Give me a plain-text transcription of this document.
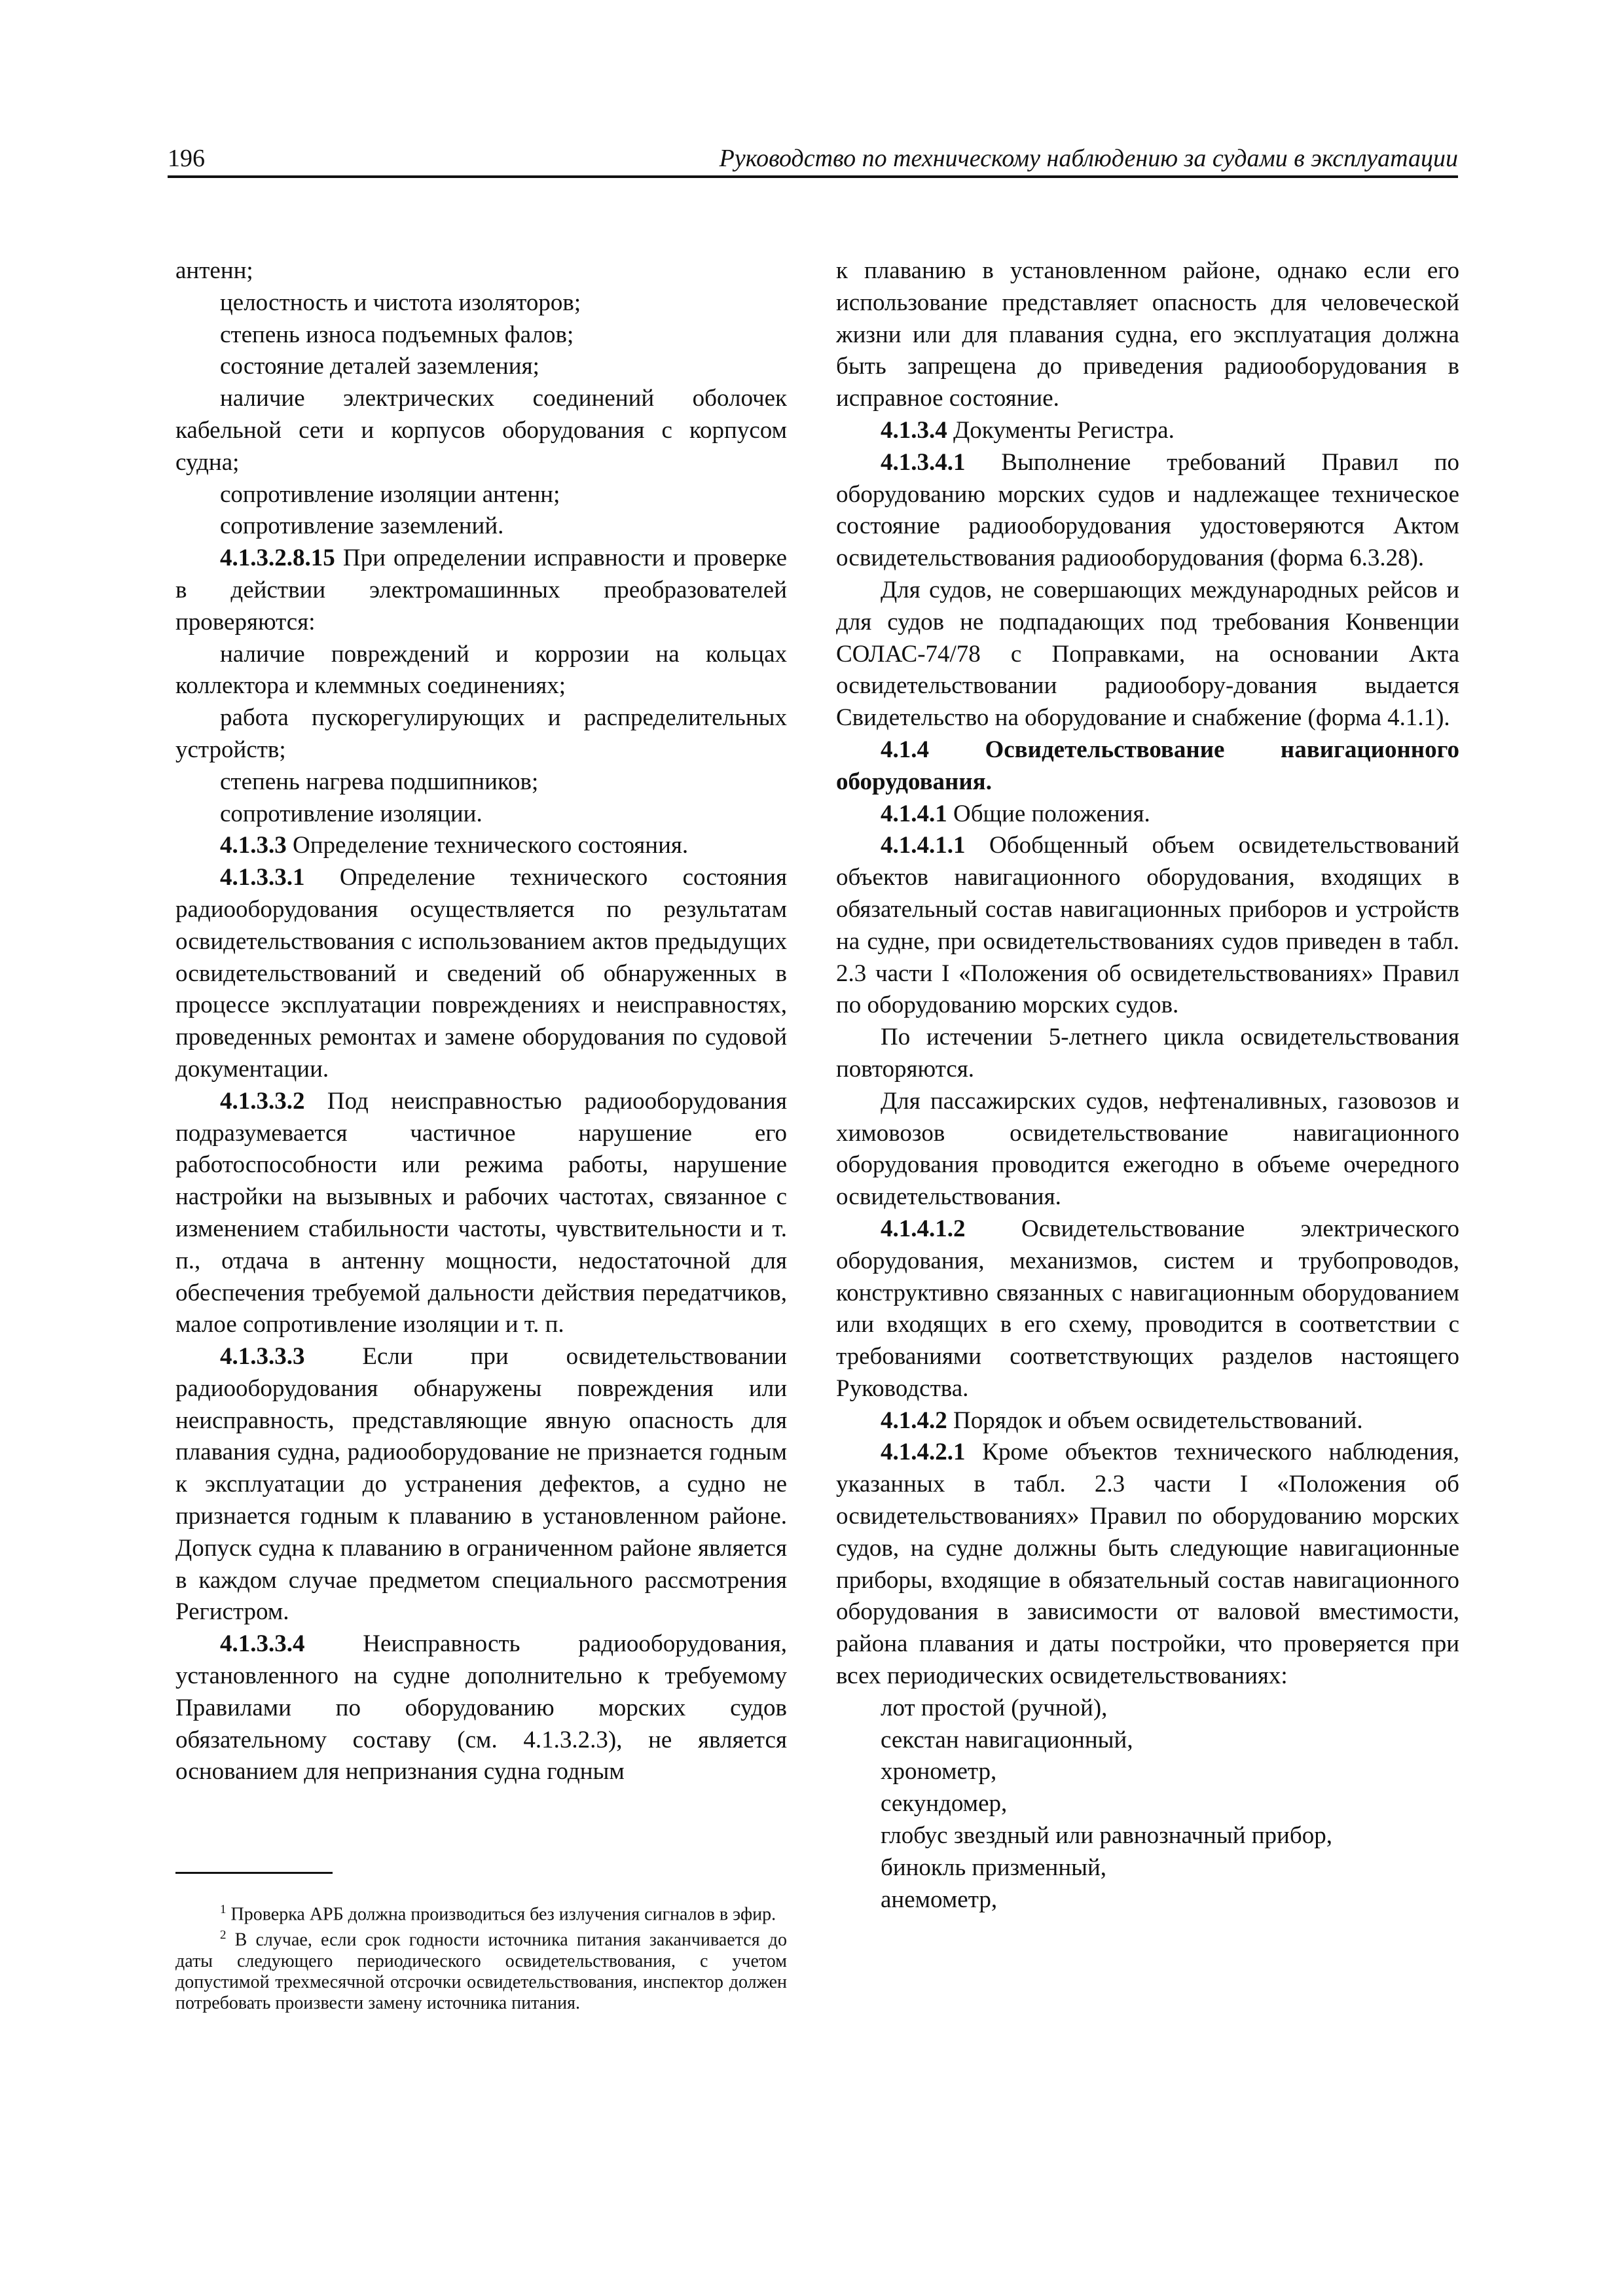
196	Руководство по техническому наблюдению за судами в эксплуатации

антенн;

целостность и чистота изоляторов;

степень износа подъемных фалов;

состояние деталей заземления;

наличие электрических соединений оболочек кабельной сети и корпусов оборудования с корпусом судна;

сопротивление изоляции антенн;

сопротивление заземлений.

4.1.3.2.8.15 При определении исправности и проверке в действии электромашинных преобразователей проверяются:

наличие повреждений и коррозии на кольцах коллектора и клеммных соединениях;

работа пускорегулирующих и распределительных устройств;

степень нагрева подшипников;

сопротивление изоляции.

4.1.3.3 Определение технического состояния.

4.1.3.3.1 Определение технического состояния радиооборудования осуществляется по результатам освидетельствования с использованием актов предыдущих освидетельствований и сведений об обнаруженных в процессе эксплуатации повреждениях и неисправностях, проведенных ремонтах и замене оборудования по судовой документации.

4.1.3.3.2 Под неисправностью радиооборудования подразумевается частичное нарушение его работоспособности или режима работы, нарушение настройки на вызывных и рабочих частотах, связанное с изменением стабильности частоты, чувствительности и т. п., отдача в антенну мощности, недостаточной для обеспечения требуемой дальности действия передатчиков, малое сопротивление изоляции и т. п.

4.1.3.3.3 Если при освидетельствовании радиооборудования обнаружены повреждения или неисправность, представляющие явную опасность для плавания судна, радиооборудование не признается годным к эксплуатации до устранения дефектов, а судно не признается годным к плаванию в установленном районе. Допуск судна к плаванию в ограниченном районе является в каждом случае предметом специального рассмотрения Регистром.

4.1.3.3.4 Неисправность радиооборудования, установленного на судне дополнительно к требуемому Правилами по оборудованию морских судов обязательному составу (см. 4.1.3.2.3), не является основанием для непризнания судна годным

к плаванию в установленном районе, однако если его использование представляет опасность для человеческой жизни или для плавания судна, его эксплуатация должна быть запрещена до приведения радиооборудования в исправное состояние.

4.1.3.4 Документы Регистра.

4.1.3.4.1 Выполнение требований Правил по оборудованию морских судов и надлежащее техническое состояние радиооборудования удостоверяются Актом освидетельствования радиооборудования (форма 6.3.28).

Для судов, не совершающих международных рейсов и для судов не подпадающих под требования Конвенции СОЛАС-74/78 с Поправками, на основании Акта освидетельствовании радиообору-дования выдается Свидетельство на оборудование и снабжение (форма 4.1.1).

4.1.4 Освидетельствование навигационного оборудования.

4.1.4.1 Общие положения.

4.1.4.1.1 Обобщенный объем освидетельствований объектов навигационного оборудования, входящих в обязательный состав навигационных приборов и устройств на судне, при освидетельствованиях судов приведен в табл. 2.3 части I «Положения об освидетельствованиях» Правил по оборудованию морских судов.

По истечении 5-летнего цикла освидетельствования повторяются.

Для пассажирских судов, нефтеналивных, газовозов и химовозов освидетельствование навигационного оборудования проводится ежегодно в объеме очередного освидетельствования.

4.1.4.1.2 Освидетельствование электрического оборудования, механизмов, систем и трубопроводов, конструктивно связанных с навигационным оборудованием или входящих в его схему, проводится в соответствии с требованиями соответствующих разделов настоящего Руководства.

4.1.4.2 Порядок и объем освидетельствований.

4.1.4.2.1 Кроме объектов технического наблюдения, указанных в табл. 2.3 части I «Положения об освидетельствованиях» Правил по оборудованию морских судов, на судне должны быть следующие навигационные приборы, входящие в обязательный состав навигационного оборудования в зависимости от валовой вместимости, района плавания и даты постройки, что проверяется при всех периодических освидетельствованиях:

лот простой (ручной),

секстан навигационный,

хронометр,

секундомер,

глобус звездный или равнозначный прибор,

бинокль призменный,

анемометр,

$^1$ Проверка АРБ должна производиться без излучения сигналов в эфир.

$^2$ В случае, если срок годности источника питания заканчивается до даты следующего периодического освидетельствования, с учетом допустимой трехмесячной отсрочки освидетельствования, инспектор должен потребовать произвести замену источника питания.
